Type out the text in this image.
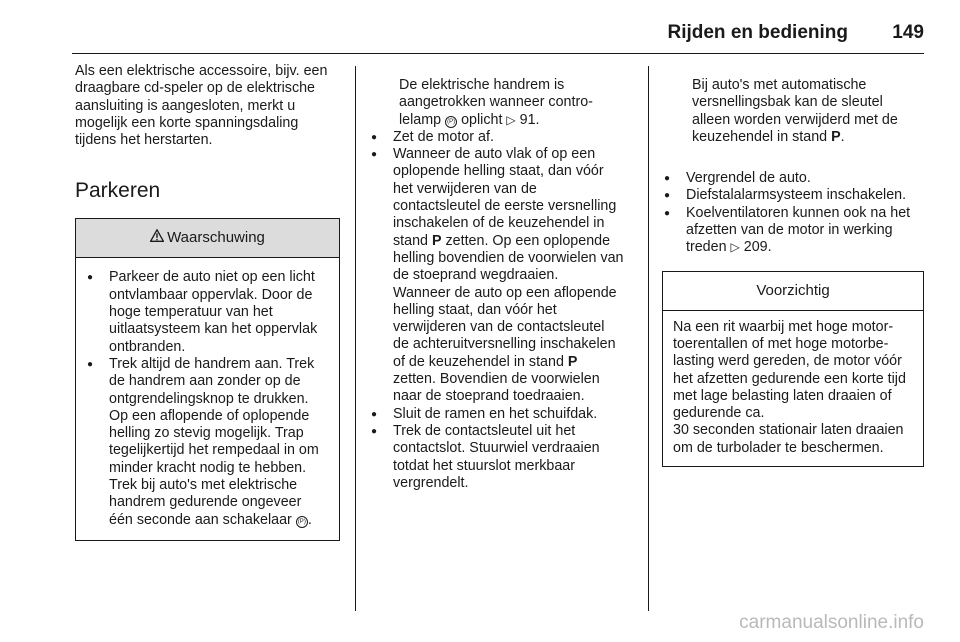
Rijden en bediening 149

Als een elektrische accessoire, bijv. een draagbare cd-speler op de elektrische aansluiting is aangesloten, merkt u mogelijk een korte spanningsdaling tijdens het herstarten.

Parkeren
Waarschuwing

● Parkeer de auto niet op een licht ontvlambaar oppervlak. Door de hoge temperatuur van het uitlaatsysteem kan het oppervlak ontbranden.

● Trek altijd de handrem aan. Trek de handrem aan zonder op de ontgrendelingsknop te drukken. Op een aflopende of oplopende helling zo stevig mogelijk. Trap tegelijkertijd het rempedaal in om minder kracht nodig te hebben.

Trek bij auto's met elektrische handrem gedurende ongeveer één seconde aan schakelaar (P) .

De elektrische handrem is aangetrokken wanneer controlelamp (P) oplicht ▷ 91.

● Zet de motor af.

● Wanneer de auto vlak of op een oplopende helling staat, dan vóór het verwijderen van de contactsleutel de eerste versnelling inschakelen of de keuzehendel in stand P zetten. Op een oplopende helling bovendien de voorwielen van de stoeprand wegdraaien.

Wanneer de auto op een aflopende helling staat, dan vóór het verwijderen van de contactsleutel de achteruitversnelling inschakelen of de keuzehendel in stand P zetten. Bovendien de voorwielen naar de stoeprand toedraaien.

● Sluit de ramen en het schuifdak.

● Trek de contactsleutel uit het contactslot. Stuurwiel verdraaien totdat het stuurslot merkbaar vergrendelt.

Bij auto's met automatische versnellingsbak kan de sleutel alleen worden verwijderd met de keuzehendel in stand P.

● Vergrendel de auto.

● Diefstalalarmsysteem inschakelen.

● Koelventilatoren kunnen ook na het afzetten van de motor in werking treden ▷ 209.

Voorzichtig

Na een rit waarbij met hoge motortoerentallen of met hoge motorbelasting werd gereden, de motor vóór het afzetten gedurende een korte tijd met lage belasting laten draaien of gedurende ca.

30 seconden stationair laten draaien om de turbolader te beschermen.

carmanualsonline.info
